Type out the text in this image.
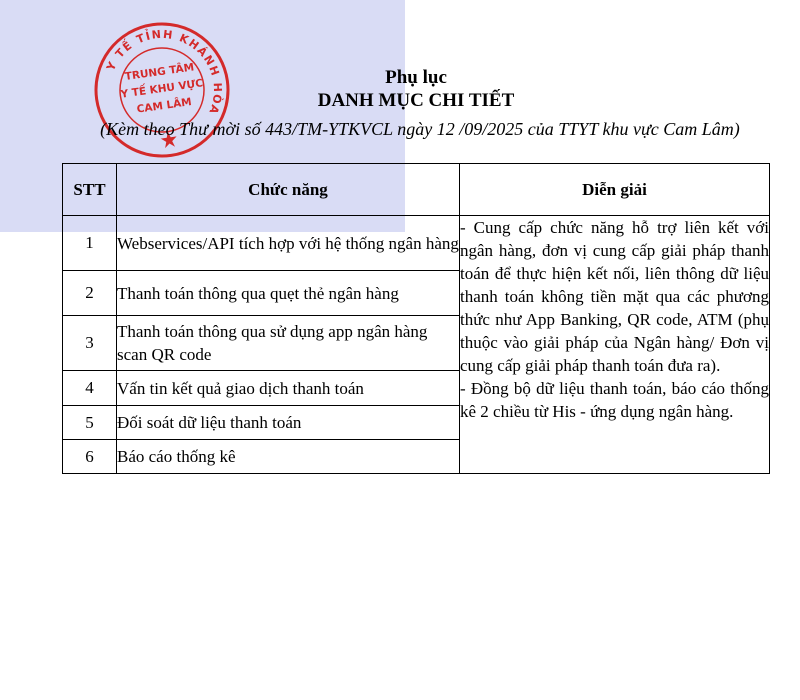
Y TẾ TỈNH KHÁNH HÒA
TRUNG TÂM
Y TẾ KHU VỰC
CAM LÂM
Phụ lục
DANH MỤC CHI TIẾT
(Kèm theo Thư mời số 443/TM-YTKVCL ngày 12 /09/2025 của TTYT khu vực Cam Lâm)
STT	Chức năng	Diễn giải
1	Webservices/API tích hợp với hệ thống ngân hàng	- Cung cấp chức năng hỗ trợ liên kết với ngân hàng, đơn vị cung cấp giải pháp thanh toán để thực hiện kết nối, liên thông dữ liệu thanh toán không tiền mặt qua các phương thức như App Banking, QR code, ATM (phụ thuộc vào giải pháp của Ngân hàng/ Đơn vị cung cấp giải pháp thanh toán đưa ra).
- Đồng bộ dữ liệu thanh toán, báo cáo thống kê 2 chiều từ His - ứng dụng ngân hàng.

2	Thanh toán thông qua quẹt thẻ ngân hàng	
3	Thanh toán thông qua sử dụng app ngân hàng scan QR code	
4	Vấn tin kết quả giao dịch thanh toán	
5	Đối soát dữ liệu thanh toán	
6	Báo cáo thống kê	
